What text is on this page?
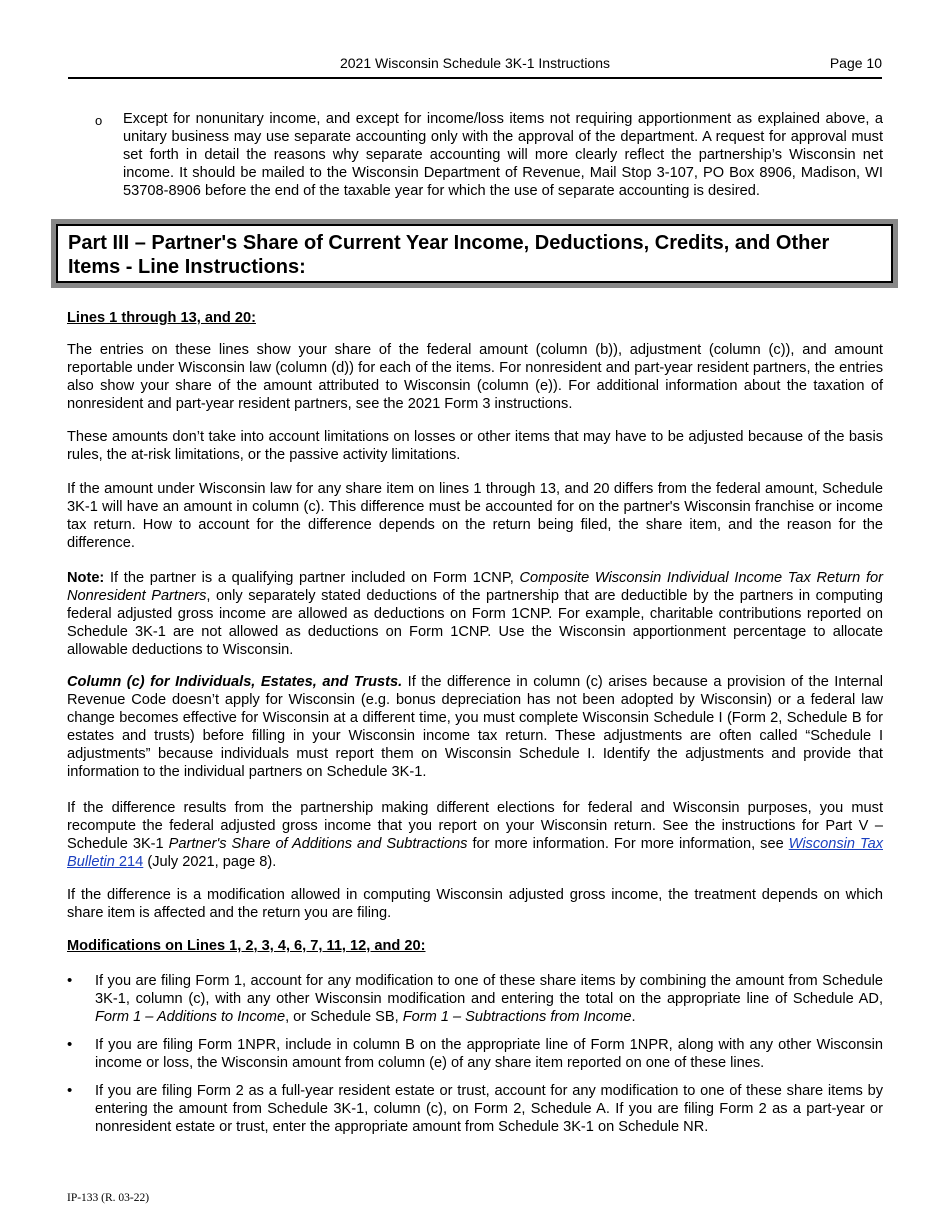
2021 Wisconsin Schedule 3K-1 Instructions	Page 10
o Except for nonunitary income, and except for income/loss items not requiring apportionment as explained above, a unitary business may use separate accounting only with the approval of the department. A request for approval must set forth in detail the reasons why separate accounting will more clearly reflect the partnership’s Wisconsin net income. It should be mailed to the Wisconsin Department of Revenue, Mail Stop 3-107, PO Box 8906, Madison, WI 53708-8906 before the end of the taxable year for which the use of separate accounting is desired.
Part III – Partner's Share of Current Year Income, Deductions, Credits, and Other Items - Line Instructions:
Lines 1 through 13, and 20:
The entries on these lines show your share of the federal amount (column (b)), adjustment (column (c)), and amount reportable under Wisconsin law (column (d)) for each of the items. For nonresident and part-year resident partners, the entries also show your share of the amount attributed to Wisconsin (column (e)). For additional information about the taxation of nonresident and part-year resident partners, see the 2021 Form 3 instructions.
These amounts don’t take into account limitations on losses or other items that may have to be adjusted because of the basis rules, the at-risk limitations, or the passive activity limitations.
If the amount under Wisconsin law for any share item on lines 1 through 13, and 20 differs from the federal amount, Schedule 3K-1 will have an amount in column (c). This difference must be accounted for on the partner's Wisconsin franchise or income tax return. How to account for the difference depends on the return being filed, the share item, and the reason for the difference.
Note: If the partner is a qualifying partner included on Form 1CNP, Composite Wisconsin Individual Income Tax Return for Nonresident Partners, only separately stated deductions of the partnership that are deductible by the partners in computing federal adjusted gross income are allowed as deductions on Form 1CNP. For example, charitable contributions reported on Schedule 3K-1 are not allowed as deductions on Form 1CNP. Use the Wisconsin apportionment percentage to allocate allowable deductions to Wisconsin.
Column (c) for Individuals, Estates, and Trusts. If the difference in column (c) arises because a provision of the Internal Revenue Code doesn’t apply for Wisconsin (e.g. bonus depreciation has not been adopted by Wisconsin) or a federal law change becomes effective for Wisconsin at a different time, you must complete Wisconsin Schedule I (Form 2, Schedule B for estates and trusts) before filling in your Wisconsin income tax return. These adjustments are often called “Schedule I adjustments” because individuals must report them on Wisconsin Schedule I. Identify the adjustments and provide that information to the individual partners on Schedule 3K-1.
If the difference results from the partnership making different elections for federal and Wisconsin purposes, you must recompute the federal adjusted gross income that you report on your Wisconsin return. See the instructions for Part V – Schedule 3K-1 Partner's Share of Additions and Subtractions for more information. For more information, see Wisconsin Tax Bulletin 214 (July 2021, page 8).
If the difference is a modification allowed in computing Wisconsin adjusted gross income, the treatment depends on which share item is affected and the return you are filing.
Modifications on Lines 1, 2, 3, 4, 6, 7, 11, 12, and 20:
• If you are filing Form 1, account for any modification to one of these share items by combining the amount from Schedule 3K-1, column (c), with any other Wisconsin modification and entering the total on the appropriate line of Schedule AD, Form 1 – Additions to Income, or Schedule SB, Form 1 – Subtractions from Income.
• If you are filing Form 1NPR, include in column B on the appropriate line of Form 1NPR, along with any other Wisconsin income or loss, the Wisconsin amount from column (e) of any share item reported on one of these lines.
• If you are filing Form 2 as a full-year resident estate or trust, account for any modification to one of these share items by entering the amount from Schedule 3K-1, column (c), on Form 2, Schedule A. If you are filing Form 2 as a part-year or nonresident estate or trust, enter the appropriate amount from Schedule 3K-1 on Schedule NR.
IP-133 (R. 03-22)
